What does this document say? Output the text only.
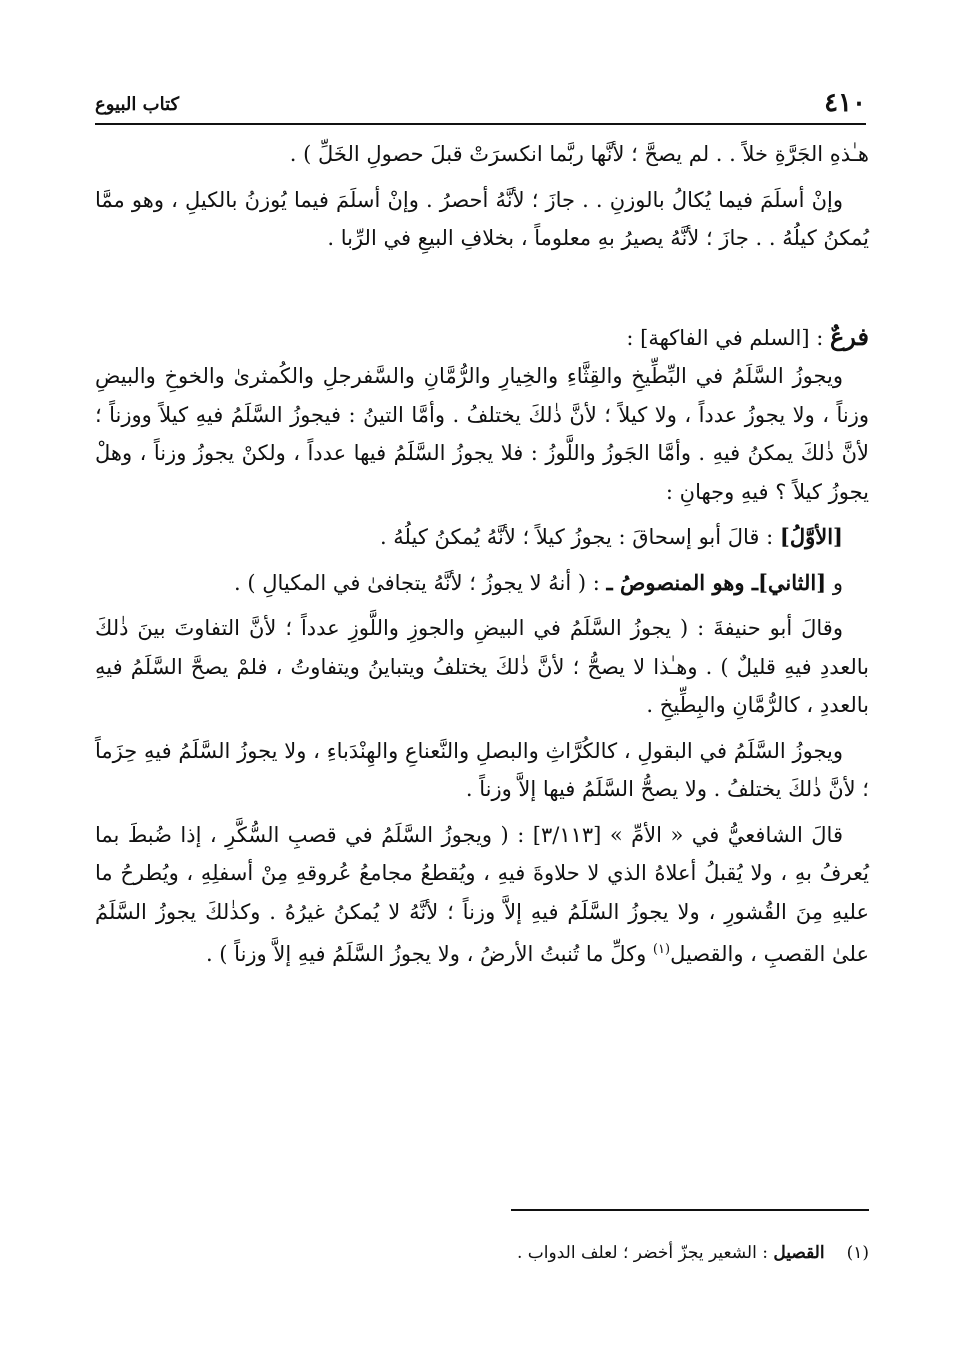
٤١٠
كتاب البيوع

هـٰذهِ الجَرَّةِ خلاً . . لم يصحَّ ؛ لأنَّها ربَّما انكسرَتْ قبلَ حصولِ الخَلِّ ) .

وإنْ أسلَمَ فيما يُكالُ بالوزنِ . . جازَ ؛ لأنَّهُ أحصرُ . وإنْ أسلَمَ فيما يُوزنُ بالكيلِ ، وهو ممَّا يُمكنُ كيلُهُ . . جازَ ؛ لأنَّهُ يصيرُ بهِ معلوماً ، بخلافِ البيعِ في الرِّبا .

فرعٌ : [السلم في الفاكهة] :

ويجوزُ السَّلَمُ في البِّطِّيخِ والقِثَّاءِ والخِيارِ والرُّمَّانِ والسَّفرجلِ والكُمثرىٰ والخوخِ والبيضِ وزناً ، ولا يجوزُ عدداً ، ولا كيلاً ؛ لأنَّ ذٰلكَ يختلفُ . وأمَّا التينُ : فيجوزُ السَّلَمُ فيهِ كيلاً ووزناً ؛ لأنَّ ذٰلكَ يمكنُ فيهِ . وأمَّا الجَوزُ واللَّوزُ : فلا يجوزُ السَّلَمُ فيها عدداً ، ولكنْ يجوزُ وزناً ، وهلْ يجوزُ كيلاً ؟ فيهِ وجهانِ :

[الأوَّلُ] : قالَ أبو إسحاقَ : يجوزُ كيلاً ؛ لأنَّهُ يُمكنُ كيلُهُ .

و [الثاني]ـ وهو المنصوصُ ـ : ( أنهُ لا يجوزُ ؛ لأنَّهُ يتجافىٰ في المكيالِ ) .

وقالَ أبو حنيفةَ : ( يجوزُ السَّلَمُ في البيضِ والجوزِ واللَّوزِ عدداً ؛ لأنَّ التفاوتَ بينَ ذٰلكَ بالعددِ فيهِ قليلٌ ) . وهـٰذا لا يصحُّ ؛ لأنَّ ذٰلكَ يختلفُ ويتباينُ ويتفاوتُ ، فلمْ يصحَّ السَّلَمُ فيهِ بالعددِ ، كالرُّمَّانِ والبِطِّيخِ .

ويجوزُ السَّلَمُ في البقولِ ، كالكُرَّاثِ والبصلِ والنَّعناعِ والهِنْدَباءِ ، ولا يجوزُ السَّلَمُ فيهِ حِزَماً ؛ لأنَّ ذٰلكَ يختلفُ . ولا يصحُّ السَّلَمُ فيها إلاَّ وزناً .

قالَ الشافعيُّ في « الأمِّ » [٣/١١٣] : ( ويجوزُ السَّلَمُ في قصبِ السُّكَّرِ ، إذا ضُبطَ بما يُعرفُ بهِ ، ولا يُقبلُ أعلاهُ الذي لا حلاوةَ فيهِ ، ويُقطعُ مجامعُ عُروقهِ مِنْ أسفلِهِ ، ويُطرحُ ما عليهِ مِنَ القُشورِ ، ولا يجوزُ السَّلَمُ فيهِ إلاَّ وزناً ؛ لأنَّهُ لا يُمكنُ غيرُهُ . وكذٰلكَ يجوزُ السَّلَمُ علىٰ القصبِ ، والقصيل$^{(١)}$ وكلِّ ما تُنبتُ الأرضُ ، ولا يجوزُ السَّلَمُ فيهِ إلاَّ وزناً ) .

(١)القصيل : الشعير يجزّ أخضر ؛ لعلف الدواب .
